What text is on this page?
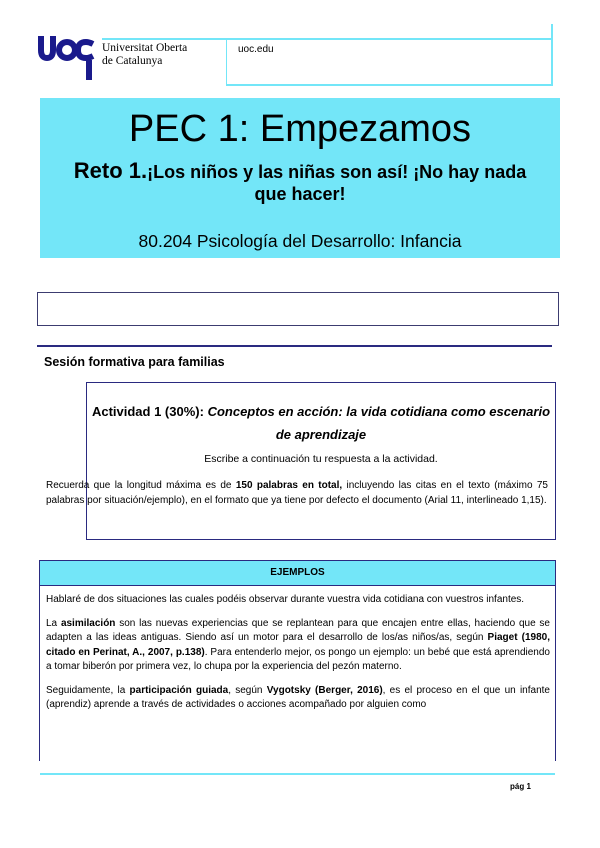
Universitat Oberta
de Catalunya
uoc.edu
PEC 1: Empezamos
Reto 1.¡Los niños y las niñas son así! ¡No hay nada que hacer!
80.204 Psicología del Desarrollo: Infancia
Sesión formativa para familias
Actividad 1 (30%): Conceptos en acción: la vida cotidiana como escenario de aprendizaje
Escribe a continuación tu respuesta a la actividad.
Recuerda que la longitud máxima es de 150 palabras en total, incluyendo las citas en el texto (máximo 75 palabras por situación/ejemplo), en el formato que ya tiene por defecto el documento (Arial 11, interlineado 1,15).
EJEMPLOS

Hablaré de dos situaciones las cuales podéis observar durante vuestra vida cotidiana con vuestros infantes.

La asimilación son las nuevas experiencias que se replantean para que encajen entre ellas, haciendo que se adapten a las ideas antiguas. Siendo así un motor para el desarrollo de los/as niños/as, según Piaget (1980, citado en Perinat, A., 2007, p.138). Para entenderlo mejor, os pongo un ejemplo: un bebé que está aprendiendo a tomar biberón por primera vez, lo chupa por la experiencia del pezón materno.

Seguidamente, la participación guiada, según Vygotsky (Berger, 2016), es el proceso en el que un infante (aprendiz) aprende a través de actividades o acciones acompañado por alguien como

pág 1
